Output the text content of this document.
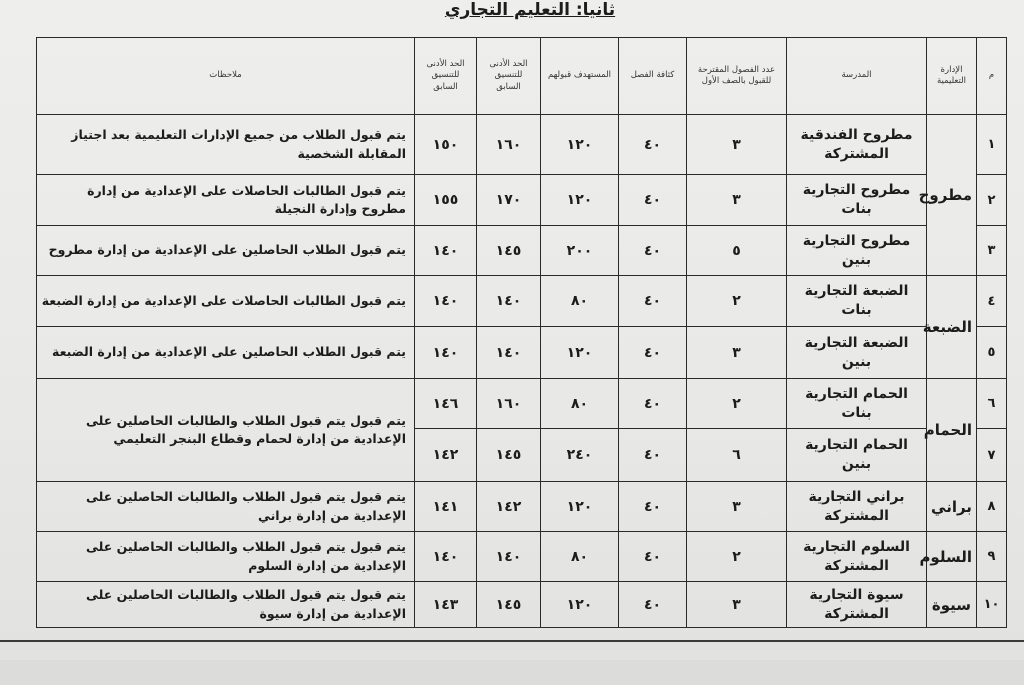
ثانيا: التعليم التجاري
م	الإدارة التعليمية	المدرسة	عدد الفصول المقترحة للقبول بالصف الأول	كثافة الفصل	المستهدف قبولهم	الحد الأدنى للتنسيق السابق	الحد الأدنى للتنسيق السابق	ملاحظات
١	مطروح	مطروح الفندقية المشتركة	٣	٤٠	١٢٠	١٦٠	١٥٠	يتم قبول الطلاب من جميع الإدارات التعليمية بعد اجتياز المقابلة الشخصية
٢		مطروح التجارية بنات	٣	٤٠	١٢٠	١٧٠	١٥٥	يتم قبول الطالبات الحاصلات على الإعدادية من إدارة مطروح وإدارة النجيلة
٣		مطروح التجارية بنين	٥	٤٠	٢٠٠	١٤٥	١٤٠	يتم قبول الطلاب الحاصلين على الإعدادية من إدارة مطروح
٤	الضبعة	الضبعة التجارية بنات	٢	٤٠	٨٠	١٤٠	١٤٠	يتم قبول الطالبات الحاصلات على الإعدادية من إدارة الضبعة
٥		الضبعة التجارية بنين	٣	٤٠	١٢٠	١٤٠	١٤٠	يتم قبول الطلاب الحاصلين على الإعدادية من إدارة الضبعة
٦	الحمام	الحمام التجارية بنات	٢	٤٠	٨٠	١٦٠	١٤٦	يتم قبول يتم قبول الطلاب والطالبات الحاصلين على الإعدادية من إدارة لحمام وقطاع البنجر التعليمي
٧		الحمام التجارية بنين	٦	٤٠	٢٤٠	١٤٥	١٤٢	
٨	براني	براني التجارية المشتركة	٣	٤٠	١٢٠	١٤٢	١٤١	يتم قبول يتم قبول الطلاب والطالبات الحاصلين على الإعدادية من إدارة براني
٩	السلوم	السلوم التجارية المشتركة	٢	٤٠	٨٠	١٤٠	١٤٠	يتم قبول يتم قبول الطلاب والطالبات الحاصلين على الإعدادية من إدارة السلوم
١٠	سيوة	سيوة التجارية المشتركة	٣	٤٠	١٢٠	١٤٥	١٤٣	يتم قبول يتم قبول الطلاب والطالبات الحاصلين على الإعدادية من إدارة سيوة
